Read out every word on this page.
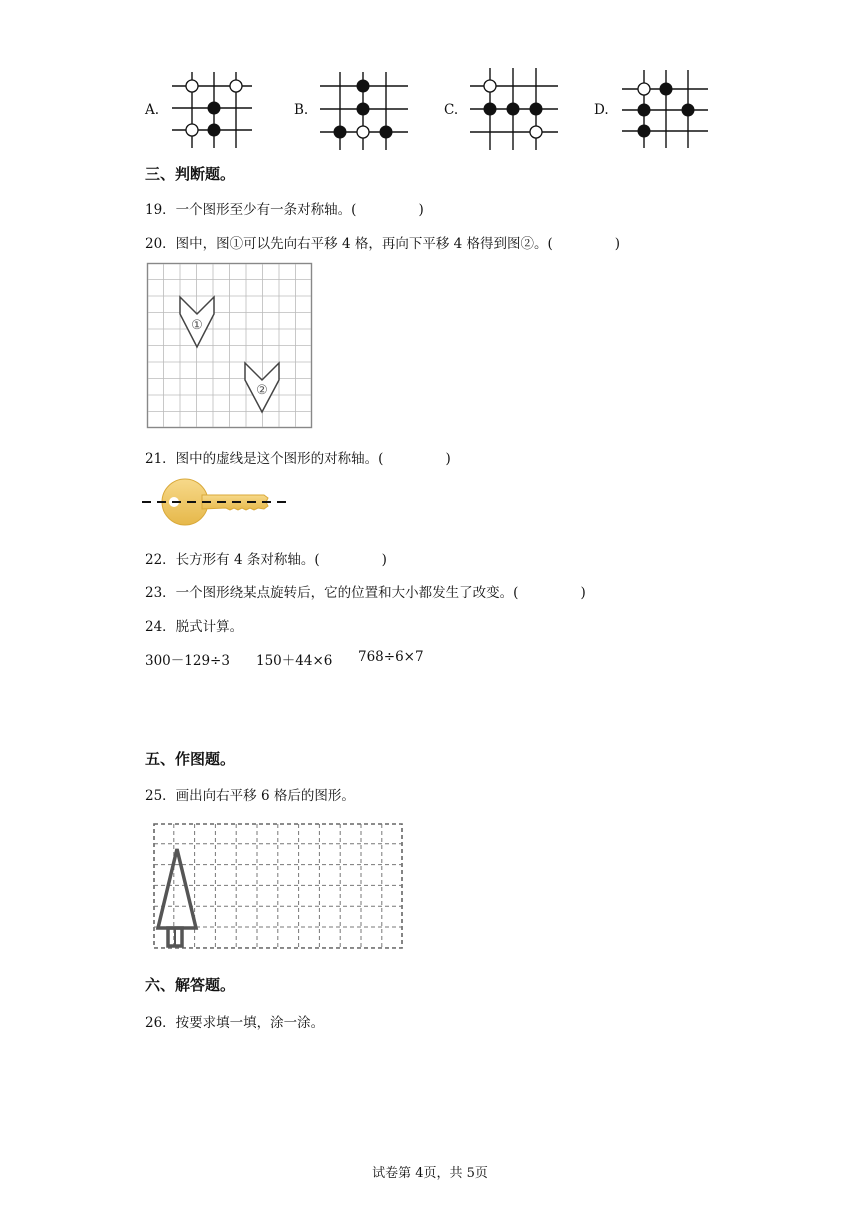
A.	B.	C.	D.
三、判断题。
19．一个图形至少有一条对称轴。(	)
20．图中，图①可以先向右平移 4 格，再向下平移 4 格得到图②。(	)
①
②
21．图中的虚线是这个图形的对称轴。(	)
22．长方形有 4 条对称轴。(	)
23．一个图形绕某点旋转后，它的位置和大小都发生了改变。(	)
24．脱式计算。
300－129÷3 150＋44×6 768÷6×7
五、作图题。
25．画出向右平移 6 格后的图形。
六、解答题。
26．按要求填一填，涂一涂。
试卷第 4页，共 5页
